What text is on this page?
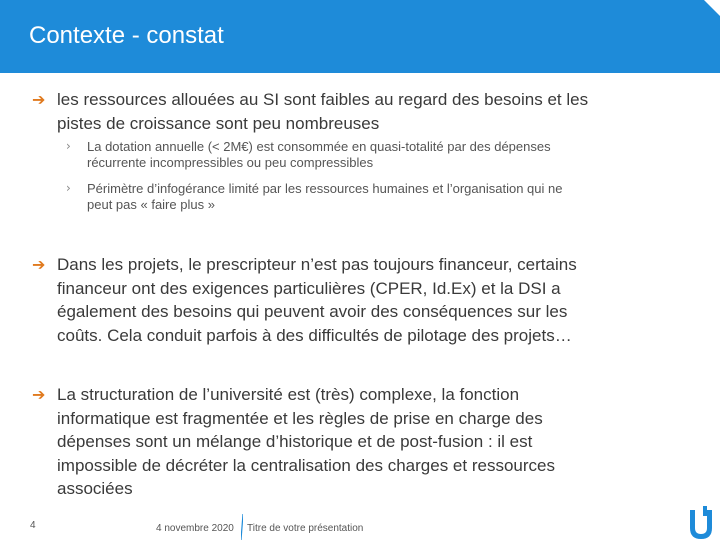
Contexte - constat
➔ les ressources allouées au SI sont faibles au regard des besoins et les
pistes de croissance sont peu nombreuses
›	La dotation annuelle (< 2M€) est consommée en quasi-totalité par des dépenses
récurrente incompressibles ou peu compressibles
›	Périmètre d’infogérance limité par les ressources humaines et l’organisation qui ne
peut pas « faire plus »
➔ Dans les projets, le prescripteur n’est pas toujours financeur, certains
financeur ont des exigences particulières (CPER, Id.Ex) et la DSI a
également des besoins qui peuvent avoir des conséquences sur les
coûts. Cela conduit parfois à des difficultés de pilotage des projets…
➔ La structuration de l’université est (très) complexe, la fonction
informatique est fragmentée et les règles de prise en charge des
dépenses sont un mélange d’historique et de post-fusion : il est
impossible de décréter la centralisation des charges et ressources
associées
4	4 novembre 2020 Titre de votre présentation
